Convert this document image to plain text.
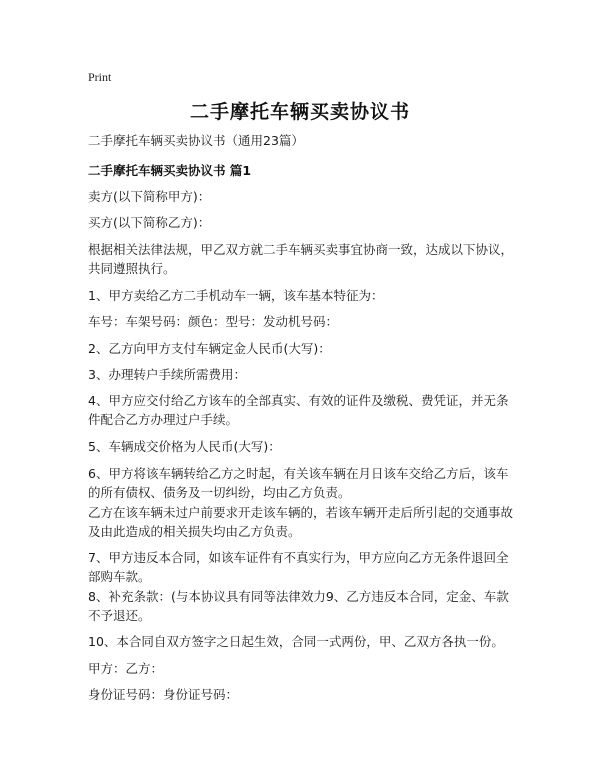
Print
二手摩托车辆买卖协议书

二手摩托车辆买卖协议书（通用23篇）

二手摩托车辆买卖协议书 篇1

卖方(以下简称甲方)：

买方(以下简称乙方)：

根据相关法律法规，甲乙双方就二手车辆买卖事宜协商一致，达成以下协议，共同遵照执行。

1、甲方卖给乙方二手机动车一辆，该车基本特征为：

车号：车架号码：颜色：型号：发动机号码：

2、乙方向甲方支付车辆定金人民币(大写)：

3、办理转户手续所需费用：

4、甲方应交付给乙方该车的全部真实、有效的证件及缴税、费凭证，并无条件配合乙方办理过户手续。

5、车辆成交价格为人民币(大写)：

6、甲方将该车辆转给乙方之时起，有关该车辆在月日该车交给乙方后，该车的所有债权、债务及一切纠纷，均由乙方负责。

乙方在该车辆未过户前要求开走该车辆的，若该车辆开走后所引起的交通事故及由此造成的相关损失均由乙方负责。

7、甲方违反本合同，如该车证件有不真实行为，甲方应向乙方无条件退回全部购车款。

8、补充条款：(与本协议具有同等法律效力9、乙方违反本合同，定金、车款不予退还。

10、本合同自双方签字之日起生效，合同一式两份，甲、乙双方各执一份。

甲方：乙方：

身份证号码：身份证号码：
